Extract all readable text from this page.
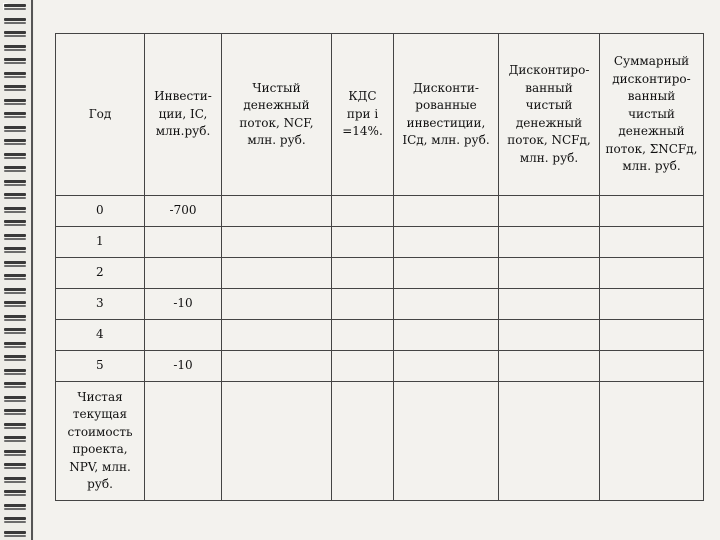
Г
Год	Инвести-ции, IC, млн.руб.	Чистый денежный поток, NCF, млн. руб.	КДС при i =14%.	Дисконти-рованные инвестиции, ICд, млн. руб.	Дисконтиро-ванный чистый денежный поток, NCFд, млн. руб.	Суммарный дисконтиро-ванный чистый денежный поток, ΣNCFд, млн. руб.
0	-700					
1						
2						
3	-10					
4						
5	-10					
Чистая текущая стоимость проекта, NPV, млн. руб.						
